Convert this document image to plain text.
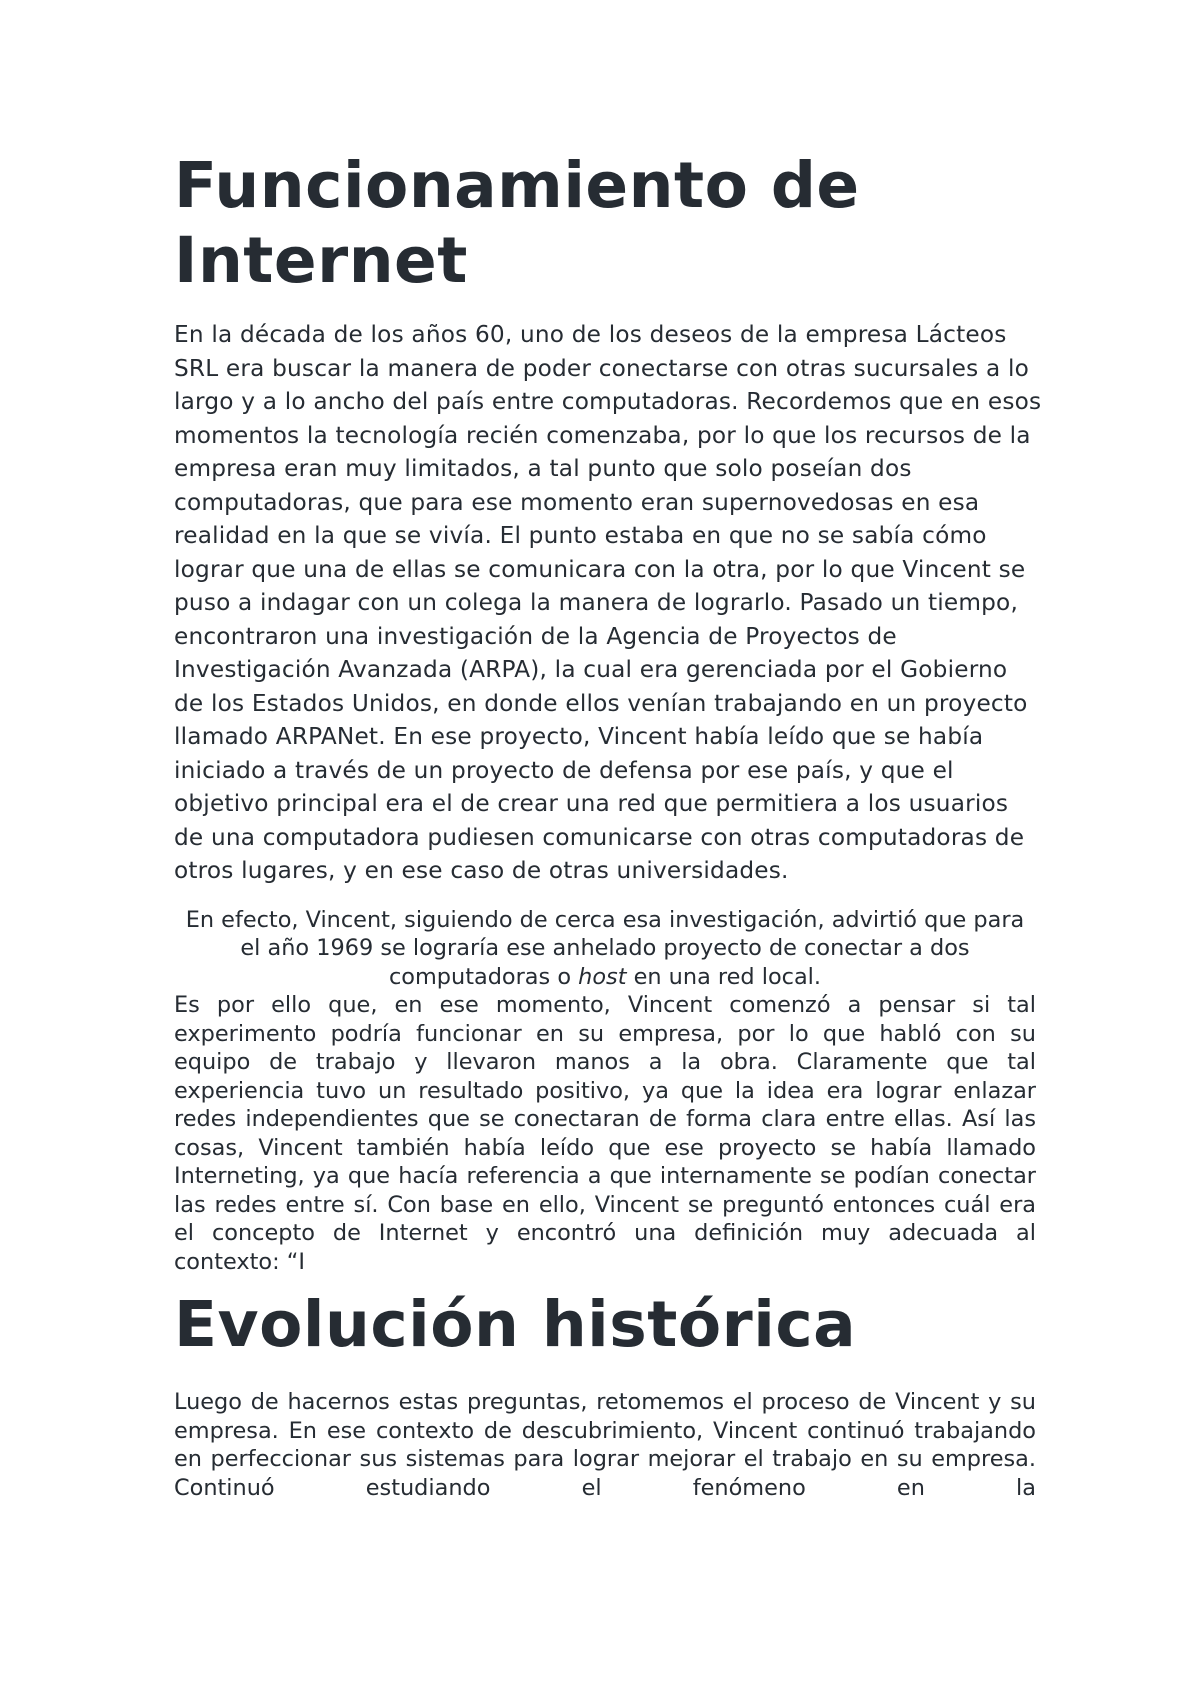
Funcionamiento de Internet

En la década de los años 60, uno de los deseos de la empresa Lácteos SRL era buscar la manera de poder conectarse con otras sucursales a lo largo y a lo ancho del país entre computadoras. Recordemos que en esos momentos la tecnología recién comenzaba, por lo que los recursos de la empresa eran muy limitados, a tal punto que solo poseían dos computadoras, que para ese momento eran supernovedosas en esa realidad en la que se vivía. El punto estaba en que no se sabía cómo lograr que una de ellas se comunicara con la otra, por lo que Vincent se puso a indagar con un colega la manera de lograrlo. Pasado un tiempo, encontraron una investigación de la Agencia de Proyectos de Investigación Avanzada (ARPA), la cual era gerenciada por el Gobierno de los Estados Unidos, en donde ellos venían trabajando en un proyecto llamado ARPANet. En ese proyecto, Vincent había leído que se había iniciado a través de un proyecto de defensa por ese país, y que el objetivo principal era el de crear una red que permitiera a los usuarios de una computadora pudiesen comunicarse con otras computadoras de otros lugares, y en ese caso de otras universidades.

En efecto, Vincent, siguiendo de cerca esa investigación, advirtió que para el año 1969 se lograría ese anhelado proyecto de conectar a dos computadoras o host en una red local.

Es por ello que, en ese momento, Vincent comenzó a pensar si tal experimento podría funcionar en su empresa, por lo que habló con su equipo de trabajo y llevaron manos a la obra. Claramente que tal experiencia tuvo un resultado positivo, ya que la idea era lograr enlazar redes independientes que se conectaran de forma clara entre ellas. Así las cosas, Vincent también había leído que ese proyecto se había llamado Interneting, ya que hacía referencia a que internamente se podían conectar las redes entre sí. Con base en ello, Vincent se preguntó entonces cuál era el concepto de Internet y encontró una definición muy adecuada al contexto: “I

Evolución histórica

Luego de hacernos estas preguntas, retomemos el proceso de Vincent y su empresa. En ese contexto de descubrimiento, Vincent continuó trabajando en perfeccionar sus sistemas para lograr mejorar el trabajo en su empresa. Continuó estudiando el fenómeno en la
